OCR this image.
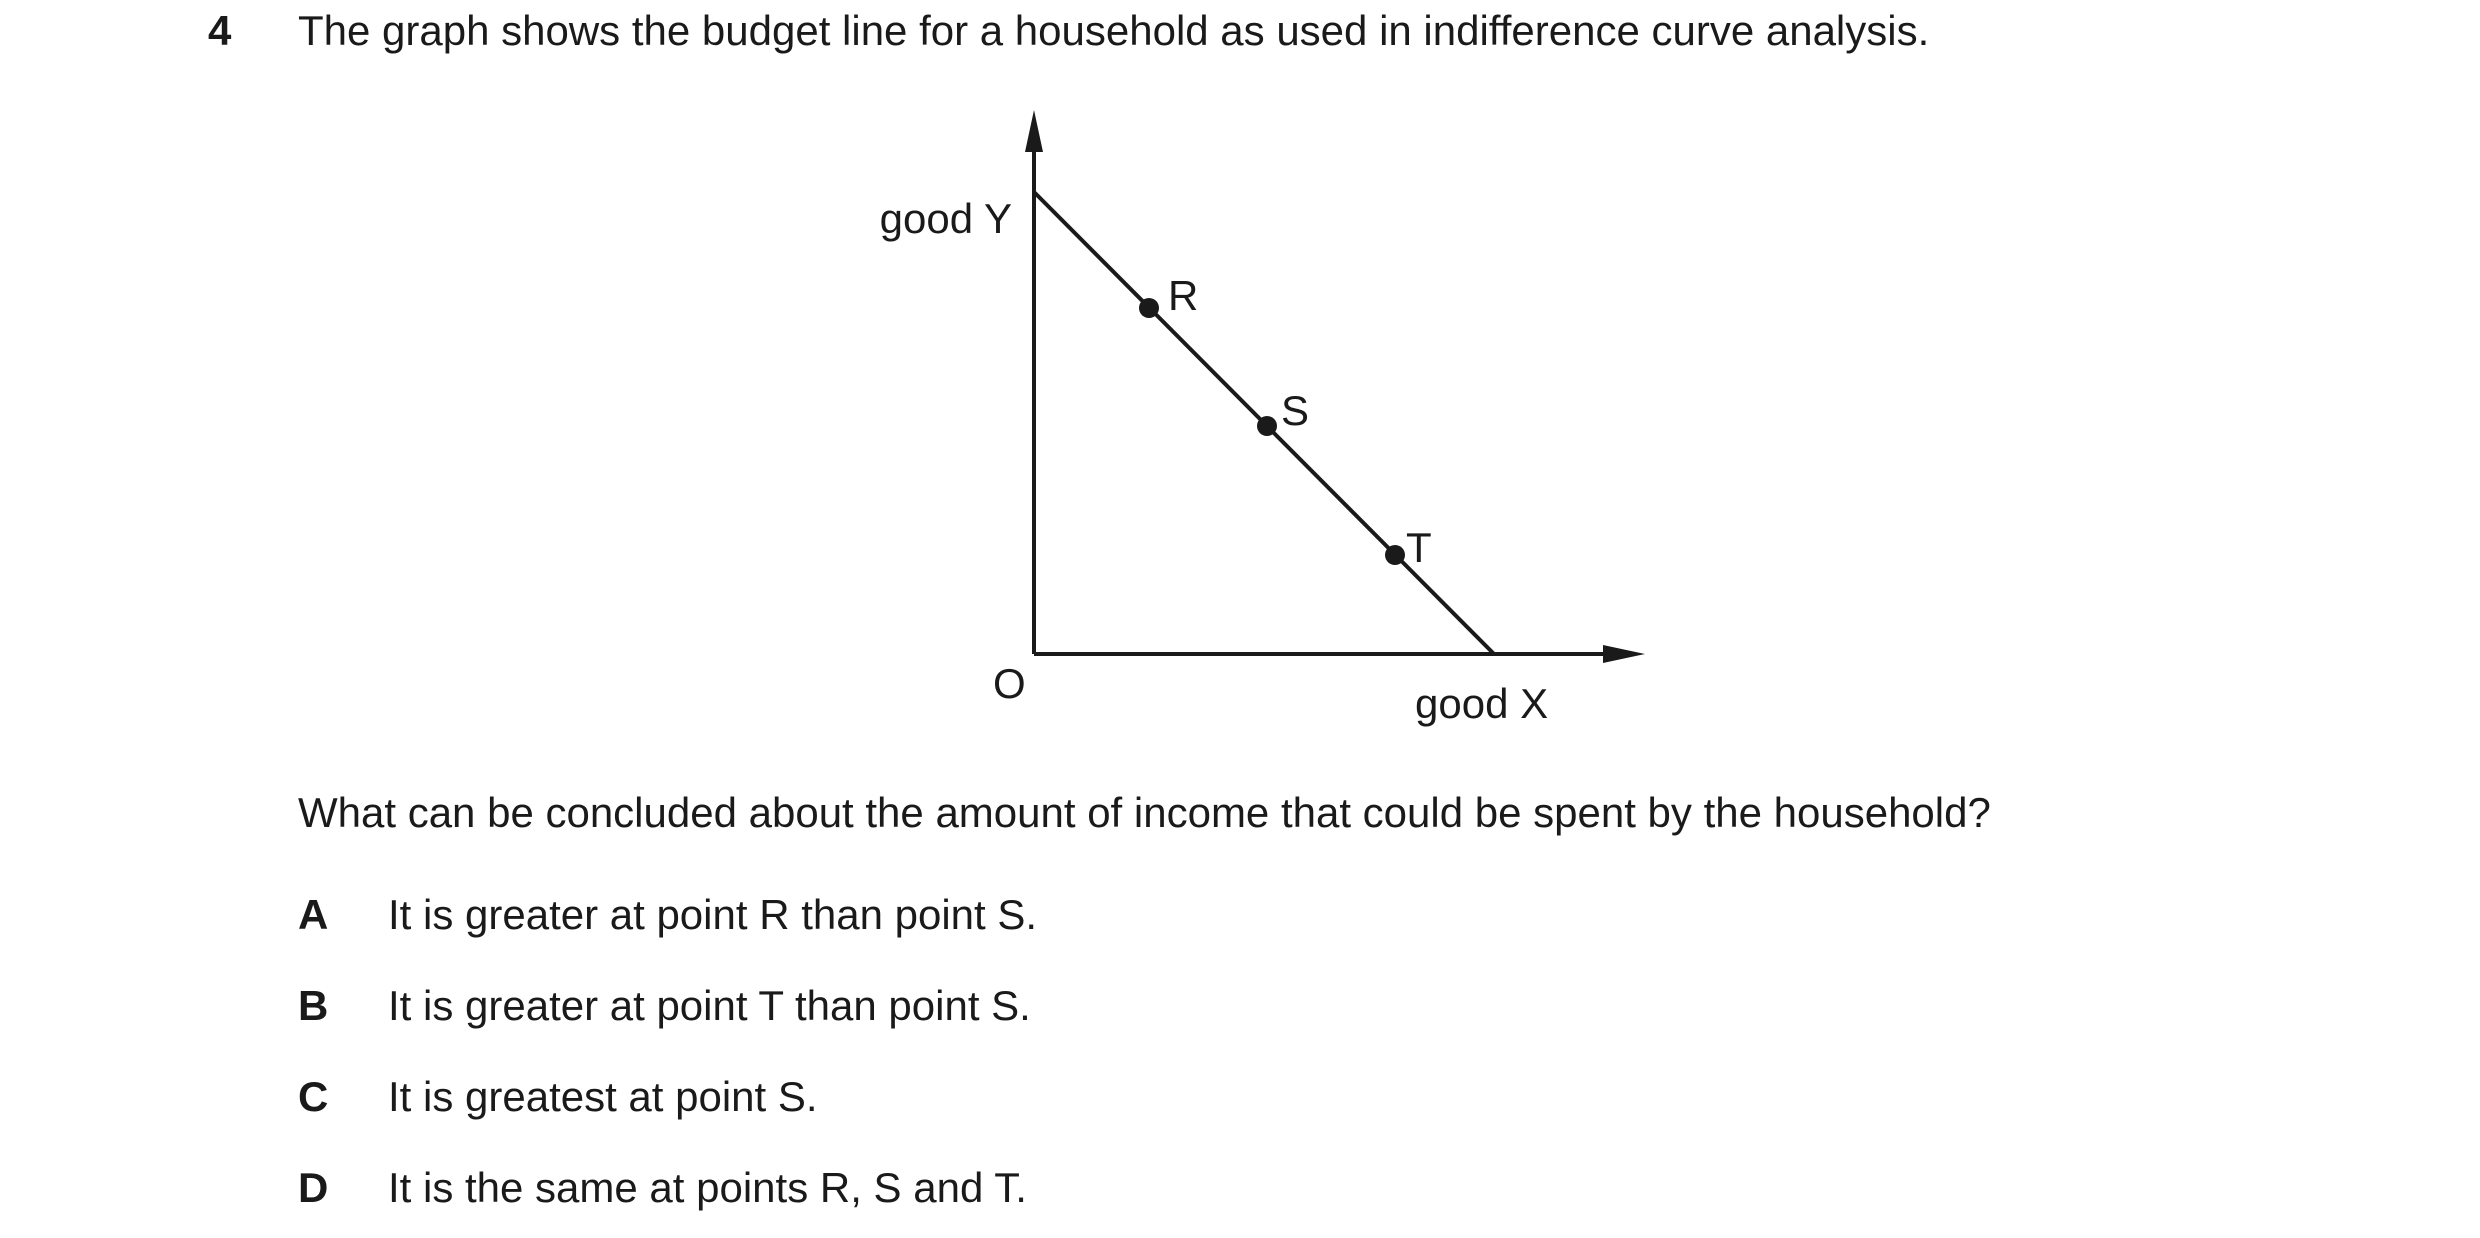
4 The graph shows the budget line for a household as used in indifference curve analysis.
good Y
good X
O
R
S
T
What can be concluded about the amount of income that could be spent by the household?
A It is greater at point R than point S.
B It is greater at point T than point S.
C It is greatest at point S.
D It is the same at points R, S and T.
